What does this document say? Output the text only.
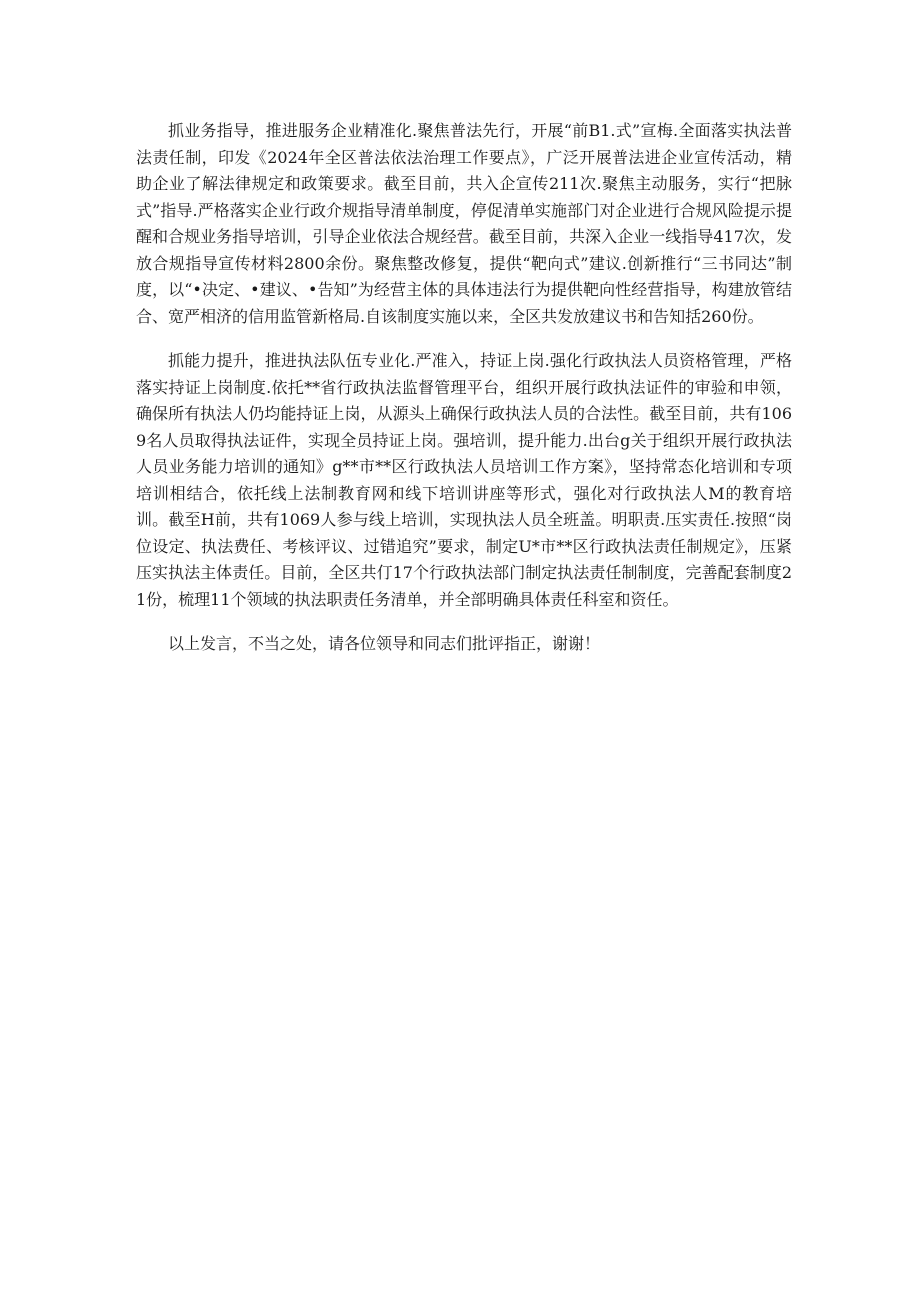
抓业务指导，推进服务企业精准化.聚焦普法先行，开展“前B1.式”宣梅.全面落实执法普法责任制，印发《2024年全区普法依法治理工作要点》，广泛开展普法进企业宣传活动，精助企业了解法律规定和政策要求。截至目前，共入企宣传211次.聚焦主动服务，实行“把脉式”指导.严格落实企业行政介规指导清单制度，停促清单实施部门对企业进行合规风险提示提醒和合规业务指导培训，引导企业依法合规经营。截至目前，共深入企业一线指导417次，发放合规指导宣传材料2800余份。聚焦整改修复，提供“靶向式”建议.创新推行“三书同达”制度，以“•决定、•建议、•告知”为经营主体的具体违法行为提供靶向性经营指导，构建放管结合、宽严相济的信用监管新格局.自该制度实施以来，全区共发放建议书和告知括260份。

抓能力提升，推进执法队伍专业化.严准入，持证上岗.强化行政执法人员资格管理，严格落实持证上岗制度.依托**省行政执法监督管理平台，组织开展行政执法证件的审验和申领，确保所有执法人仍均能持证上岗，从源头上确保行政执法人员的合法性。截至目前，共有1069名人员取得执法证件，实现全员持证上岗。强培训，提升能力.出台g关于组织开展行政执法人员业务能力培训的通知》g**市**区行政执法人员培训工作方案》，坚持常态化培训和专项培训相结合，依托线上法制教育网和线下培训讲座等形式，强化对行政执法人M的教育培训。截至H前，共有1069人参与线上培训，实现执法人员全班盖。明职责.压实责任.按照“岗位设定、执法费任、考核评议、过错追究”要求，制定U*市**区行政执法责任制规定》，压紧压实执法主体责任。目前，全区共仃17个行政执法部门制定执法责任制制度，完善配套制度21份，梳理11个领域的执法职责任务清单，并全部明确具体责任科室和资任。

以上发言，不当之处，请各位领导和同志们批评指正，谢谢！
